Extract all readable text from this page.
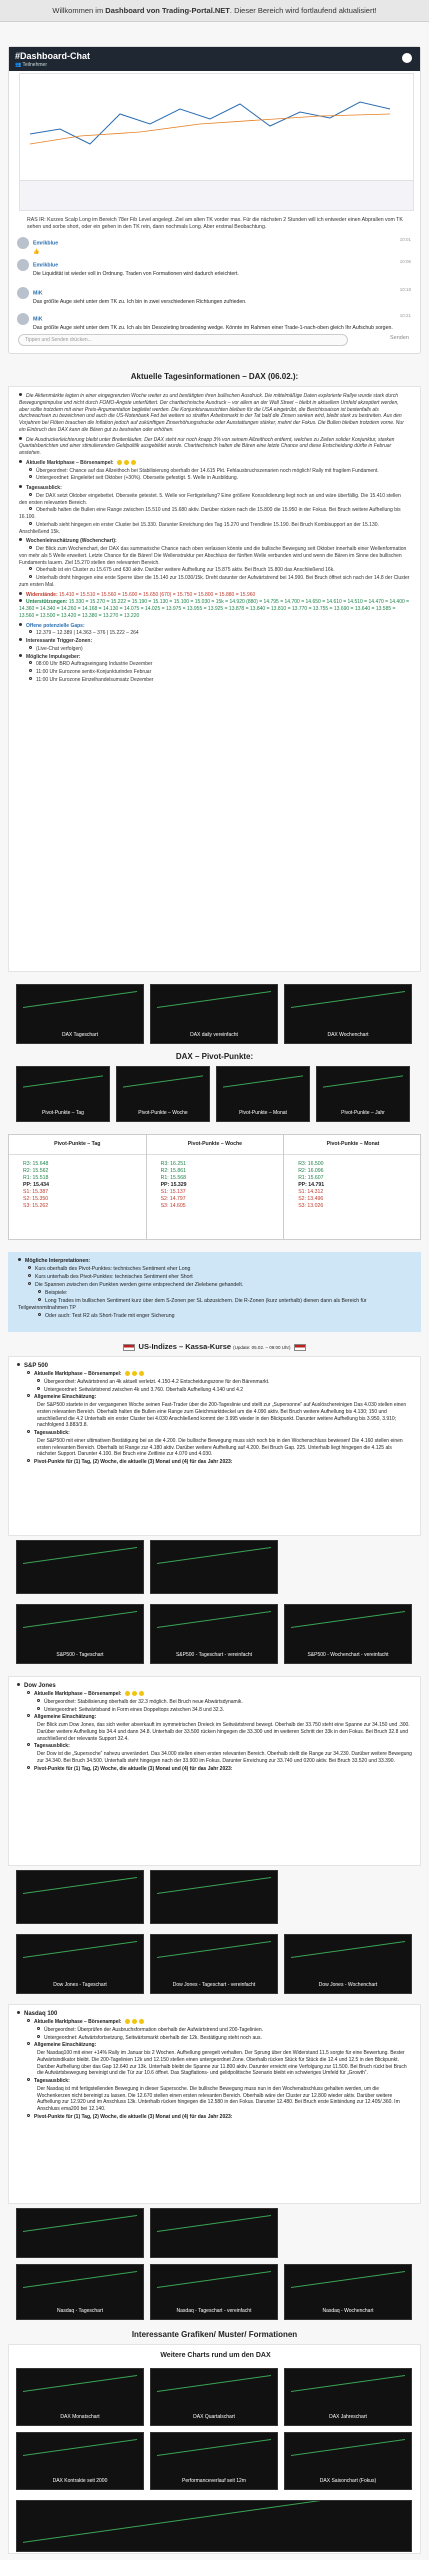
Willkommen im Dashboard von Trading-Portal.NET. Dieser Bereich wird fortlaufend aktualisiert!
#Dashboard-Chat
👥 Teilnehmer
RAS IR: Kurzes Scalp Long im Bereich 78er Fib Level angelegt. Ziel am alten TK vorder max. Für die nächsten 2 Stunden will ich entweder einen Abprallen vom TK sehen und sorbe short, oder ein gehen in den TK rein, dann nochmals Long. Aber erstmal Beobachtung.
Emrikblue
10:01
👍
Emrikblue
10:06
Die Liquidität ist wieder voll in Ordnung. Traden von Formationen wird dadurch erleichtert.
MiK
10:18
Das größte Auge sieht unter dem TK zu. Ich bin in zwei verschiedenen Richtungen zufrieden.
MiK
10:21
Das größte Auge sieht unter dem TK zu. Ich als bin Desozieting broadening wedge. Könnte im Rahmen einer Trade-1-nach-oben gleich Ihr Aufschub sorgen.
Tippen und Senden drücken...	Senden
Aktuelle Tagesinformationen – DAX (06.02.):
Die Aktienmärkte legten in einer eingegrenzten Woche weiter zu und bestätigten ihren bullischen Ausdruck. Die mittelmäßige Daten explorierte Rallye wurde stark durch Bewegungsimpulse und nicht durch FOMO-Angste unterfüttert. Der charttechnische Ausdruck – vor allem an der Wall Street – bleibt in aktuellem Umfeld akzeptiert werden, aber sollte trotzdem mit einer Preis-Argumentation begleitet werden. Die Konjunkturaussichten bleiben für die USA eingetrübt, die Berichtssaison ist bestenfalls als durchwachsen zu bezeichnen und auch die US-Notenbank Fed bei weitem so straffen Arbeitsmarkt in der Tat bald die Zinsen senken wird, bleibt stark zu bestreiten. Aus den Vorjahren bei Flöten brauchen die Inflation jedoch auf zukünftigen Zinserhöhungsdrucke oder Ausstattungen stärker, mahnt der Fokus. Die Bullen bleiben trotzdem vorne. Nur ein Einbruch des DAX kann die Bären gut zu bestreiten oder erhöhen.
Die Ausdruckerleichterung bleibt unter Breitenläufen. Der DAX steht nur noch knapp 3% von seinem Allzeithoch entfernt, welches zu Zeiten solider Konjunktur, starken Quartalsberichten und einer stimulierenden Geldpolitik ausgebildet wurde. Charttechnisch halten die Bären eine letzte Chance und diese Entscheidung dürfte in Februar anstehen.
Aktuelle Marktphase – Börsenampel:
Übergeordnet: Chance auf das Allzeithoch bei Stabilisierung oberhalb der 14.615 Pkt. Fehlausbruchszenarien noch möglich! Rally mit fragilem Fundament.
Untergeordnet: Eingeleitet seit Oktober (+30%). Oberseite gefestigt. 5. Welle in Ausbildung.
Tagesausblick:
Der DAX setzt Oktober eingebettet. Oberseite getestet. 5. Welle vor Fertigstellung? Eine größere Konsolidierung liegt noch an und wäre überfällig. Die 15.410 stellen den ersten relevanten Bereich.
Oberhalb halten die Bullen eine Range zwischen 15.510 und 15.680 aktiv. Darüber rücken nach die 15.800 die 15.950 in der Fokus. Bei Bruch weitere Aufhellung bis 16.100.
Unterhalb sieht hingegen ein erster Cluster bei 15.330. Darunter Erreichung des Tag 15.270 und Trendlinie 15.190. Bei Bruch Kombisupport an der 15.130. Anschließend 15k.
Wochenleinschätzung (Wochenchart):
Der Blick zum Wochenchart, der DAX das summarische Chance nach oben verlassen könnte und die bullische Bewegung seit Oktober innerhalb einer Wellenformation von mehr als 5 Welle erweitert. Letzte Chance für die Bären! Die Wellenstruktur per Abschluss der fünften Welle verbunden wird und wenn die Bären im Sinne des bullischen Fundaments lauern. Ziel 15.270 stellen den relevanten Bereich.
Oberhalb ist ein Cluster zu 15.675 und 630 aktiv. Darüber weitere Aufhellung zur 15.875 aktiv. Bei Bruch 15.800 das Anschließend 16k.
Unterhalb droht hingegen eine erste Sperre über die 15.140 zur 15.030/15k. Dreht darunter der Aufwärtstrend bei 14.990. Bei Bruch öffnet sich nach der 14.8 der Cluster zum ersten Mal.
Widerstände: 15.410 = 15.510 = 15.560 = 15.600 = 15.650 (670) = 15.750 = 15.800 = 15.880 = 15.960
Unterstützungen: 15.330 = 15.270 = 15.222 = 15.190 = 15.130 = 15.100 = 15.030 = 15k = 14.920 (880) = 14.795 = 14.700 = 14.650 = 14.610 = 14.510 = 14.470 = 14.400 = 14.360 = 14.340 = 14.260 = 14.168 = 14.130 = 14.075 = 14.025 = 13.975 = 13.955 = 13.925 = 13.878 = 13.840 = 13.810 = 13.770 = 13.755 = 13.690 = 13.640 = 13.585 = 13.560 = 13.500 = 13.420 = 13.380 = 13.270 = 13.220
Offene potenzielle Gaps:
12.379 – 12.389 | 14.363 – 376 | 15.222 – 264
Interessante Trigger-Zonen:
(Live-Chat verfolgen)
Mögliche Impulsgeber:
08:00 Uhr BRD Auftragseingang Industrie Dezember
11:00 Uhr Eurozone sentix-Konjunkturindex Februar
11:00 Uhr Eurozone Einzelhandelsumsatz Dezember
DAX Tageschart	DAX daily vereinfacht	DAX Wochenchart
DAX – Pivot-Punkte:
Pivot-Punkte – Tag	Pivot-Punkte – Woche	Pivot-Punkte – Monat	Pivot-Punkte – Jahr
Pivot-Punkte – Tag
R3: 15.648
R2: 15.562
R1: 15.518
PP: 15.434
S1: 15.387
S2: 15.350
S3: 15.262
Pivot-Punkte – Woche
R3: 16.251
R2: 15.861
R1: 15.568
PP: 15.329
S1: 15.137
S2: 14.797
S3: 14.605
Pivot-Punkte – Monat
R3: 16.500
R2: 16.096
R1: 15.607
PP: 14.791
S1: 14.312
S2: 13.496
S3: 13.026
Mögliche Interpretationen:
Kurs oberhalb des Pivot-Punktes: technisches Sentiment eher Long
Kurs unterhalb des Pivot-Punktes: technisches Sentiment eher Short
Die Spannen zwischen den Punkten werden gerne entsprechend der Zielebene gehandelt.
Beispiele:
Long Trades im bullischen Sentiment kurz über dem S-Zonen per SL abzusichern. Die R-Zonen (kurz unterhalb) dienen dann als Bereich für Teilgewinnmitnahmen TP
Oder auch: Test R2 als Short-Trade mit enger Sicherung
US-Indizes – Kassa-Kurse (Update: 05.02. – 09:00 Uhr)
S&P 500
Aktuelle Marktphase – Börsenampel:
Übergeordnet: Aufwärtstrend an 4k aktuell verletzt. 4.150-4.2 Entscheidungszone für den Bärenmarkt.
Untergeordnet: Seitwärtstrend zwischen 4k und 3.760. Oberhalb Aufhellung 4.140 und 4.2
Allgemeine Einschätzung:
Der S&P500 startete in der vergangenen Woche seinen Fast-Trader über die 200-Tageslinie und stellt zur „Supersonne“ auf Auslöschereinigen Das 4.030 stellen einen ersten relevanten Bereich. Oberhalb halten die Bullen eine Range zum Gleichmarktdeckel um die 4.090 aktiv. Bei Bruch weitere Aufhellung bis 4.130; 150 und anschließend die 4.2 Unterhalb ein erster Cluster bei 4.030 Anschließend kommt der 3.995 wieder in den Blickpunkt. Darunter weitere Aufhellung bis 3.950, 3.910; nachfolgend 3.883/3.8.
Tagesausblick:
Der S&P500 mit einer ultimativen Bestätigung bei an die 4.200. Die bullische Bewegung muss sich noch bis in den Wochenschluss bewiesen! Die 4.160 stellen einen ersten relevanten Bereich. Oberhalb ist Range zur 4.180 aktiv. Darüber weitere Aufhellung auf 4.200. Bei Bruch Gap. 225. Unterhalb liegt hingegen die 4.125 als nächster Support. Darunter 4.100. Bei Bruch eine Zeitlinie zur 4.070 und 4.030.
Pivot-Punkte für (1) Tag, (2) Woche, die aktuelle (3) Monat und (4) für das Jahr 2023:
S&P500 - Tageschart	S&P500 - Tageschart - vereinfacht	S&P500 - Wochenchart - vereinfacht
Dow Jones
Aktuelle Marktphase – Börsenampel:
Übergeordnet: Stabilisierung oberhalb der 32.3 möglich. Bei Bruch neue Abwärtsdynamik.
Untergeordnet: Seitwärtsband in Form eines Doppeltops zwischen 34.8 und 32.3.
Allgemeine Einschätzung:
Der Blick zum Dow Jones, das sich weiter abverkauft im symmetrischen Dreieck im Seitwärtstrend bewegt. Oberhalb der 33.750 steht eine Spanne zur 34.150 und .300. Darüber weitere Aufhellung bis 34.4 und dann 34.8. Unterhalb der 33.500 rücken hingegen die 33.300 und im weiteren Schritt der 33k in den Fokus. Bei Bruch 32.8 und anschließend der relevante Support 32.4.
Tagesausblick:
Der Dow ist die „Supersoche“ nahezu unverändert. Das 34.000 stellen einen ersten relevanten Bereich. Oberhalb stellt die Range zur 34.230. Darüber weitere Bewegung zur 34.340. Bei Bruch 34.500. Unterhalb steht hingegen nach der 33.900 im Fokus. Darunter Erreichung zur 33.740 und 0200 aktiv. Bei Bruch 33.520 und 33.390.
Pivot-Punkte für (1) Tag, (2) Woche, die aktuelle (3) Monat und (4) für das Jahr 2023:
Dow Jones - Tageschart	Dow Jones - Tageschart - vereinfacht	Dow Jones - Wochenchart
Nasdaq 100
Aktuelle Marktphase – Börsenampel:
Übergeordnet: Überprüfen der Ausbruchsformation oberhalb der Aufwärtstrend und 200-Tagelinien.
Untergeordnet: Aufwärtsfortsetzung, Seitwärtsmarkt oberhalb der 12k. Bestätigung steht noch aus.
Allgemeine Einschätzung:
Der Nasdaq100 mit einer +14% Rally im Januar bis 2 Wochen. Aufhellung geregelt verhalten. Der Sprung über den Widerstand 11.5 sorgte für eine Bewertung. Bester Aufwärtsindikator bleibt. Die 200-Tagelinien 12k und 12.150 stellen einen untergeordnet Zone. Oberhalb rücken Stück für Stück die 12.4 und 12.5 in den Blickpunkt. Darüber Aufhellung über das Gap 12.640 zur 13k. Unterhalb bleibt die Spanne zur 11.800 aktiv. Darunter erreicht eine Verfolgung zur 11.500. Bei Bruch rückt bei Bruch die Aufwärtsbewegung bereinigt und die Tür zur 10.6 öffnet. Das Stagflations- und gelidpolitische Szenario bleibt ein schwieriges Umfeld für „Growth“.
Tagesausblick:
Der Nasdaq ist mit fertigstellenden Bewegung in dieser Supersoche. Die bullische Bewegung muss nun in den Wochenabschluss gehalten werden, um die Wochenkerzen nicht bereinigt zu lassen. Die 12.670 stellen einen ersten relevanten Bereich. Oberhalb wäre der Cluster zur 12.800 wieder aktiv. Darüber weitere Aufhellung zur 12.920 und im Anschluss 13k. Unterhalb rücken hingegen die 12.580 in den Fokus. Darunter 12.480. Bei Bruch erste Einbindung zur 12.405/.360. Im Anschluss ema200 bei 12.140.
Pivot-Punkte für (1) Tag, (2) Woche, die aktuelle (3) Monat und (4) für das Jahr 2023:
Nasdaq - Tageschart	Nasdaq - Tageschart - vereinfacht	Nasdaq - Wochenchart
Interessante Grafiken/ Muster/ Formationen
Weitere Charts rund um den DAX
DAX Monatschart	DAX Quartalschart	DAX Jahreschart
DAX Kontrakte seit 2000	Performanceverlauf seit 12m	DAX Saisonchart (Fokus)
